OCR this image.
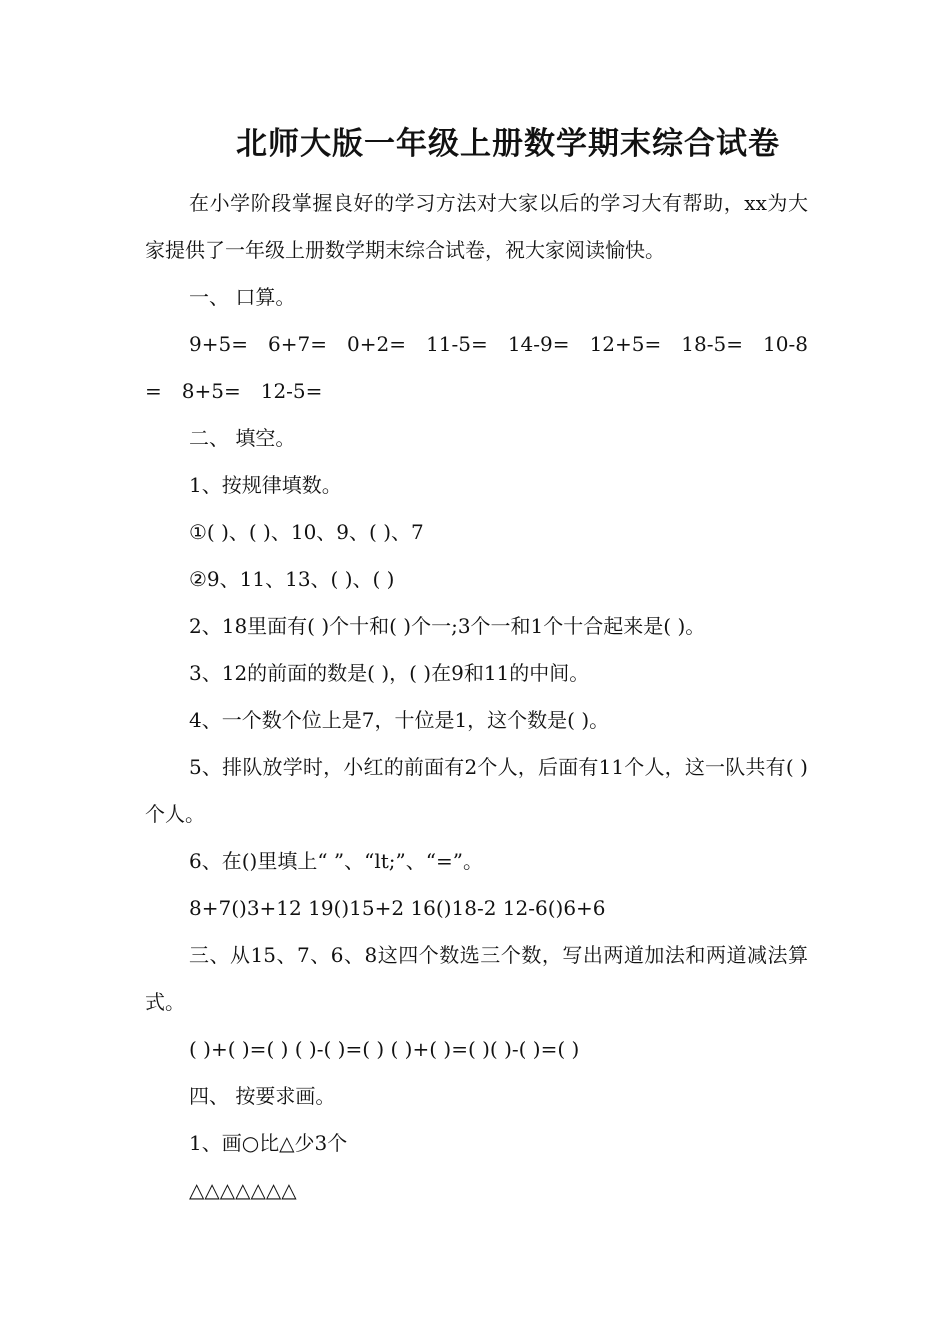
北师大版一年级上册数学期末综合试卷

在小学阶段掌握良好的学习方法对大家以后的学习大有帮助，xx为大家提供了一年级上册数学期末综合试卷，祝大家阅读愉快。

一、 口算。

9+5=　6+7=　0+2=　11-5=　14-9=　12+5=　18-5=　10-8=　8+5=　12-5=

二、 填空。

1、按规律填数。

①( )、( )、10、9、( )、7

②9、11、13、( )、( )

2、18里面有( )个十和( )个一;3个一和1个十合起来是( )。

3、12的前面的数是( )，( )在9和11的中间。

4、一个数个位上是7，十位是1，这个数是( )。

5、排队放学时，小红的前面有2个人，后面有11个人，这一队共有( )个人。

6、在()里填上“ ”、“lt;”、“=”。

8+7()3+12 19()15+2 16()18-2 12-6()6+6

三、从15、7、6、8这四个数选三个数，写出两道加法和两道减法算式。

( )+( )=( ) ( )-( )=( ) ( )+( )=( )( )-( )=( )

四、 按要求画。

1、画○比△少3个

△△△△△△△
